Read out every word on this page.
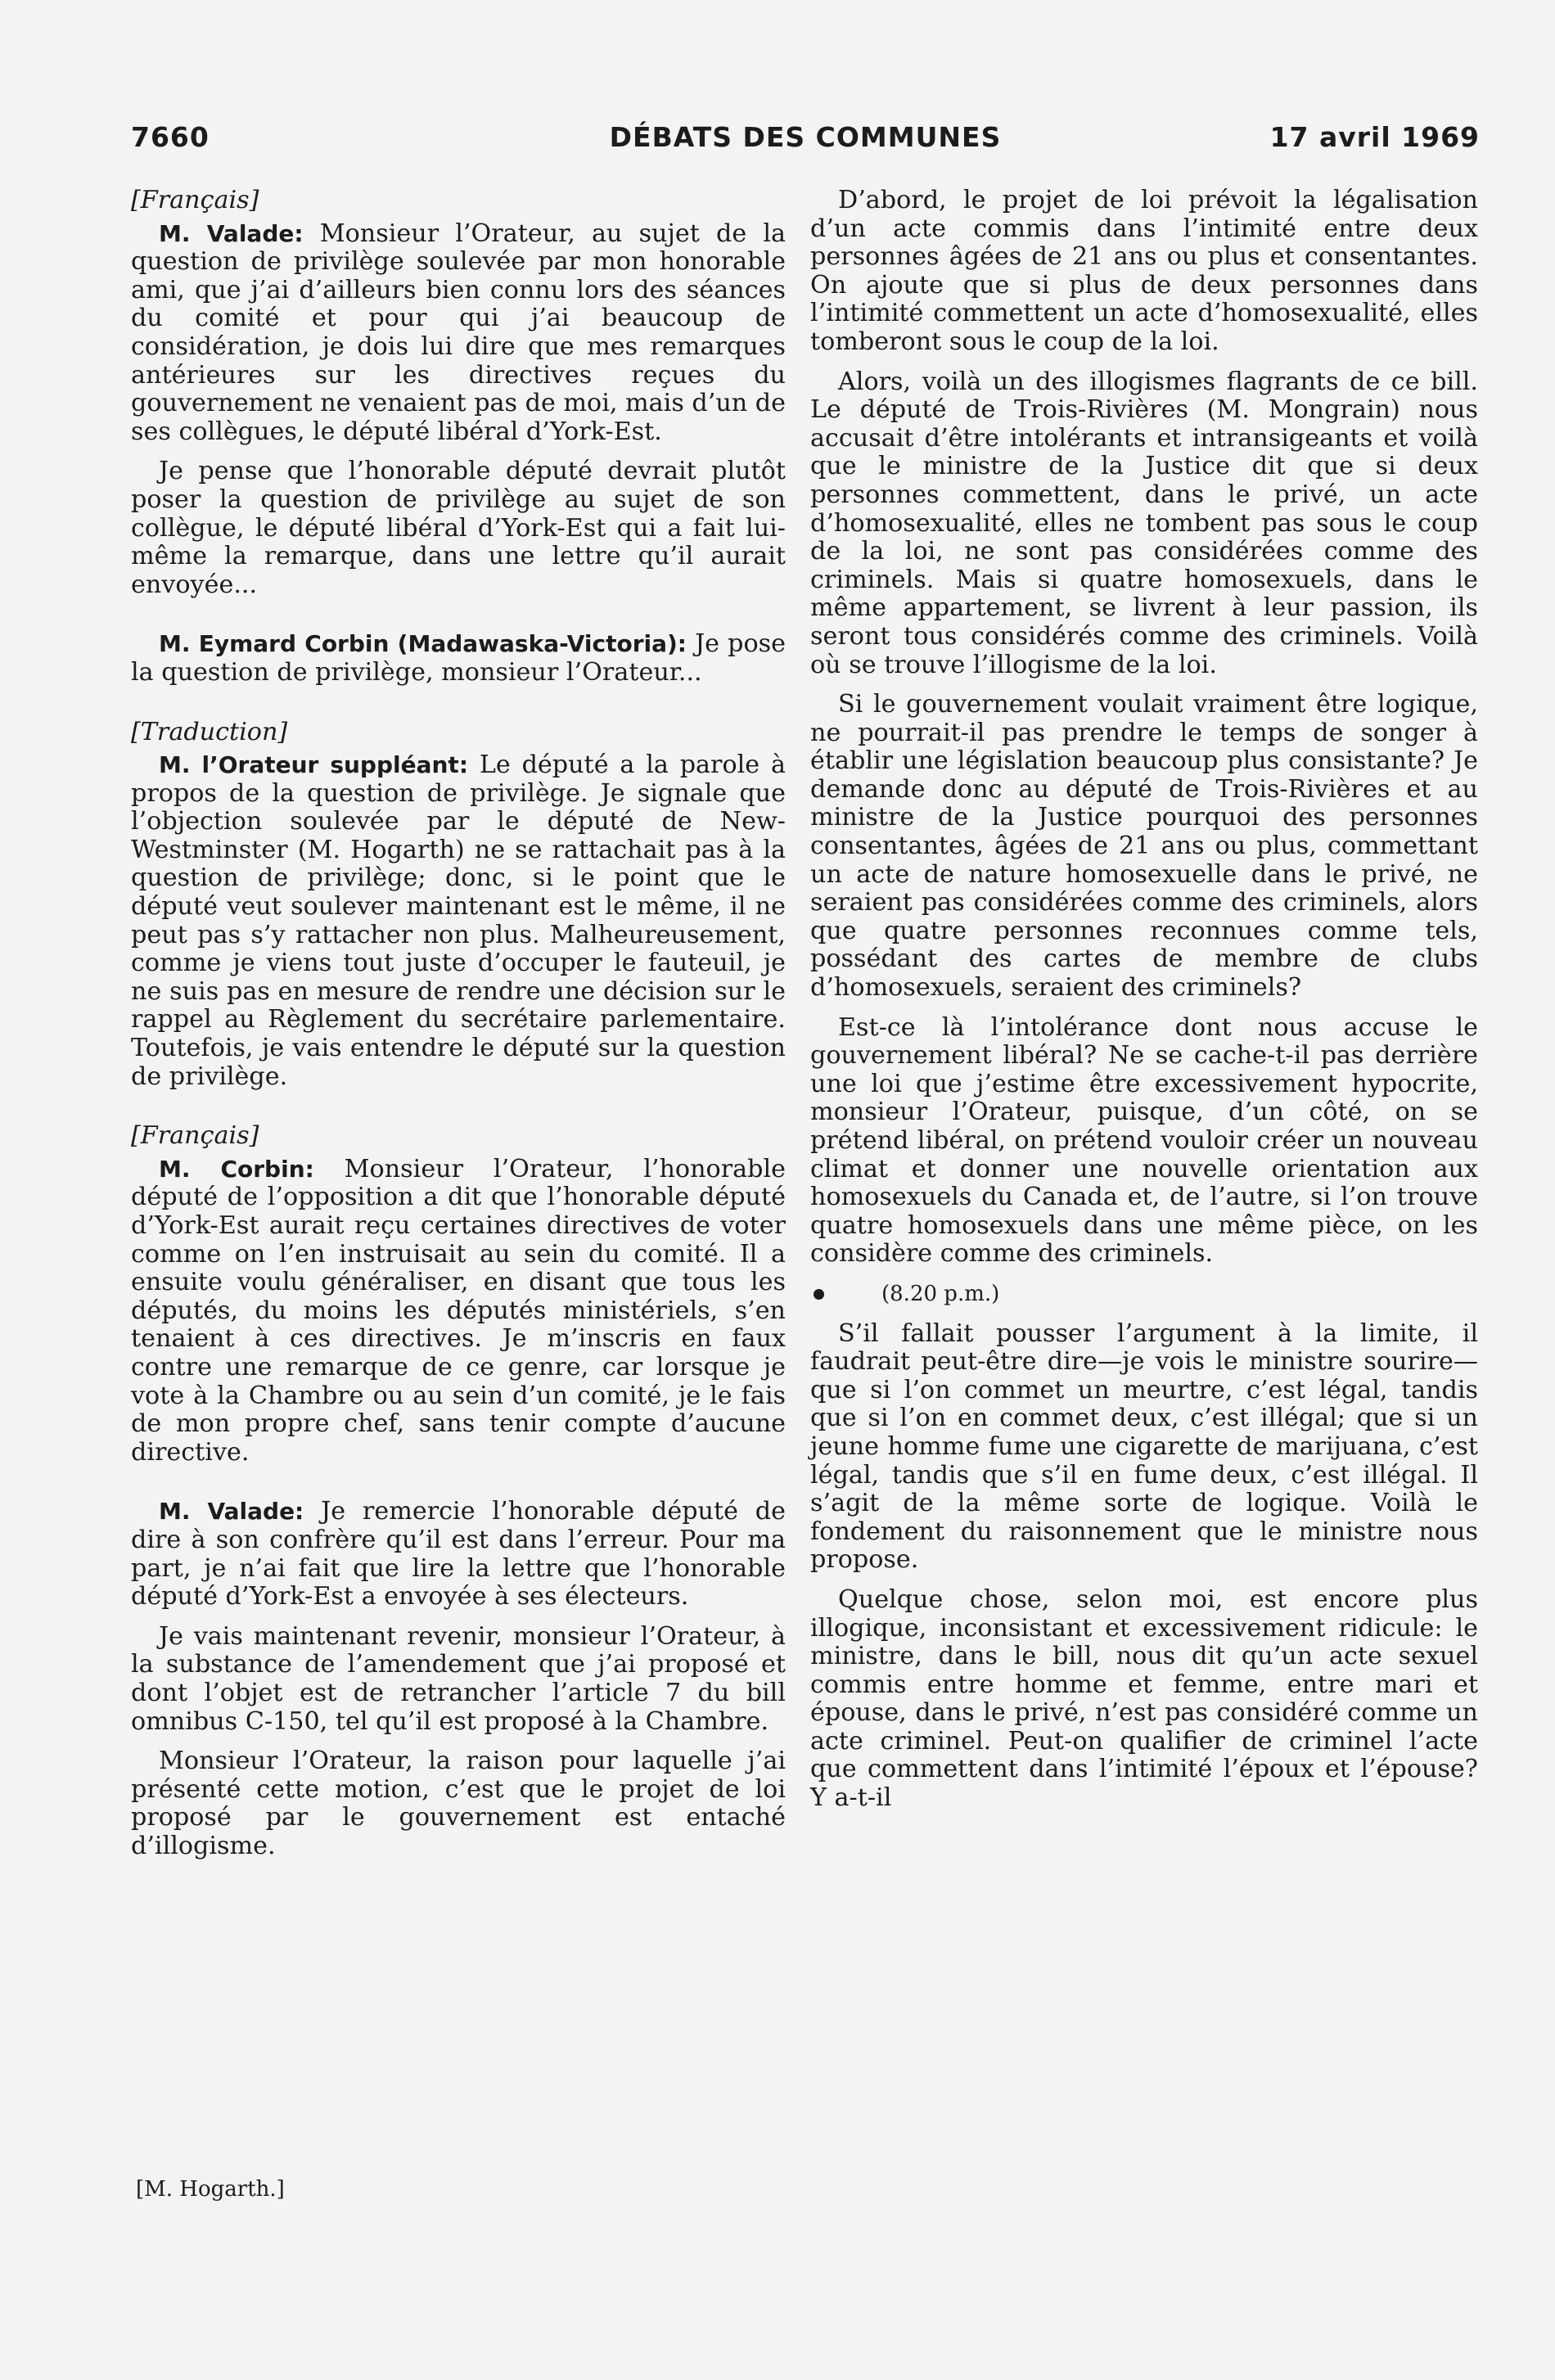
7660	DÉBATS DES COMMUNES	17 avril 1969

[Français]

M. Valade: Monsieur l’Orateur, au sujet de la question de privilège soulevée par mon honorable ami, que j’ai d’ailleurs bien connu lors des séances du comité et pour qui j’ai beaucoup de considération, je dois lui dire que mes remarques antérieures sur les directives reçues du gouvernement ne venaient pas de moi, mais d’un de ses collègues, le député libéral d’York-Est.

Je pense que l’honorable député devrait plutôt poser la question de privilège au sujet de son collègue, le député libéral d’York-Est qui a fait lui-même la remarque, dans une lettre qu’il aurait envoyée...

M. Eymard Corbin (Madawaska-Victoria): Je pose la question de privilège, monsieur l’Orateur...

[Traduction]

M. l’Orateur suppléant: Le député a la parole à propos de la question de privilège. Je signale que l’objection soulevée par le député de New-Westminster (M. Hogarth) ne se rattachait pas à la question de privilège; donc, si le point que le député veut soulever maintenant est le même, il ne peut pas s’y rattacher non plus. Malheureusement, comme je viens tout juste d’occuper le fauteuil, je ne suis pas en mesure de rendre une décision sur le rappel au Règlement du secrétaire parlementaire. Toutefois, je vais entendre le député sur la question de privilège.

[Français]

M. Corbin: Monsieur l’Orateur, l’honorable député de l’opposition a dit que l’honorable député d’York-Est aurait reçu certaines directives de voter comme on l’en instruisait au sein du comité. Il a ensuite voulu généraliser, en disant que tous les députés, du moins les députés ministériels, s’en tenaient à ces directives. Je m’inscris en faux contre une remarque de ce genre, car lorsque je vote à la Chambre ou au sein d’un comité, je le fais de mon propre chef, sans tenir compte d’aucune directive.

M. Valade: Je remercie l’honorable député de dire à son confrère qu’il est dans l’erreur. Pour ma part, je n’ai fait que lire la lettre que l’honorable député d’York-Est a envoyée à ses électeurs.

Je vais maintenant revenir, monsieur l’Orateur, à la substance de l’amendement que j’ai proposé et dont l’objet est de retrancher l’article 7 du bill omnibus C-150, tel qu’il est proposé à la Chambre.

Monsieur l’Orateur, la raison pour laquelle j’ai présenté cette motion, c’est que le projet de loi proposé par le gouvernement est entaché d’illogisme.

D’abord, le projet de loi prévoit la légalisation d’un acte commis dans l’intimité entre deux personnes âgées de 21 ans ou plus et consentantes. On ajoute que si plus de deux personnes dans l’intimité commettent un acte d’homosexualité, elles tomberont sous le coup de la loi.

Alors, voilà un des illogismes flagrants de ce bill. Le député de Trois-Rivières (M. Mongrain) nous accusait d’être intolérants et intransigeants et voilà que le ministre de la Justice dit que si deux personnes commettent, dans le privé, un acte d’homosexualité, elles ne tombent pas sous le coup de la loi, ne sont pas considérées comme des criminels. Mais si quatre homosexuels, dans le même appartement, se livrent à leur passion, ils seront tous considérés comme des criminels. Voilà où se trouve l’illogisme de la loi.

Si le gouvernement voulait vraiment être logique, ne pourrait-il pas prendre le temps de songer à établir une législation beaucoup plus consistante? Je demande donc au député de Trois-Rivières et au ministre de la Justice pourquoi des personnes consentantes, âgées de 21 ans ou plus, commettant un acte de nature homosexuelle dans le privé, ne seraient pas considérées comme des criminels, alors que quatre personnes reconnues comme tels, possédant des cartes de membre de clubs d’homosexuels, seraient des criminels?

Est-ce là l’intolérance dont nous accuse le gouvernement libéral? Ne se cache-t-il pas derrière une loi que j’estime être excessivement hypocrite, monsieur l’Orateur, puisque, d’un côté, on se prétend libéral, on prétend vouloir créer un nouveau climat et donner une nouvelle orientation aux homosexuels du Canada et, de l’autre, si l’on trouve quatre homosexuels dans une même pièce, on les considère comme des criminels.

(8.20 p.m.)

S’il fallait pousser l’argument à la limite, il faudrait peut-être dire—je vois le ministre sourire—que si l’on commet un meurtre, c’est légal, tandis que si l’on en commet deux, c’est illégal; que si un jeune homme fume une cigarette de marijuana, c’est légal, tandis que s’il en fume deux, c’est illégal. Il s’agit de la même sorte de logique. Voilà le fondement du raisonnement que le ministre nous propose.

Quelque chose, selon moi, est encore plus illogique, inconsistant et excessivement ridicule: le ministre, dans le bill, nous dit qu’un acte sexuel commis entre homme et femme, entre mari et épouse, dans le privé, n’est pas considéré comme un acte criminel. Peut-on qualifier de criminel l’acte que commettent dans l’intimité l’époux et l’épouse? Y a-t-il

[M. Hogarth.]
